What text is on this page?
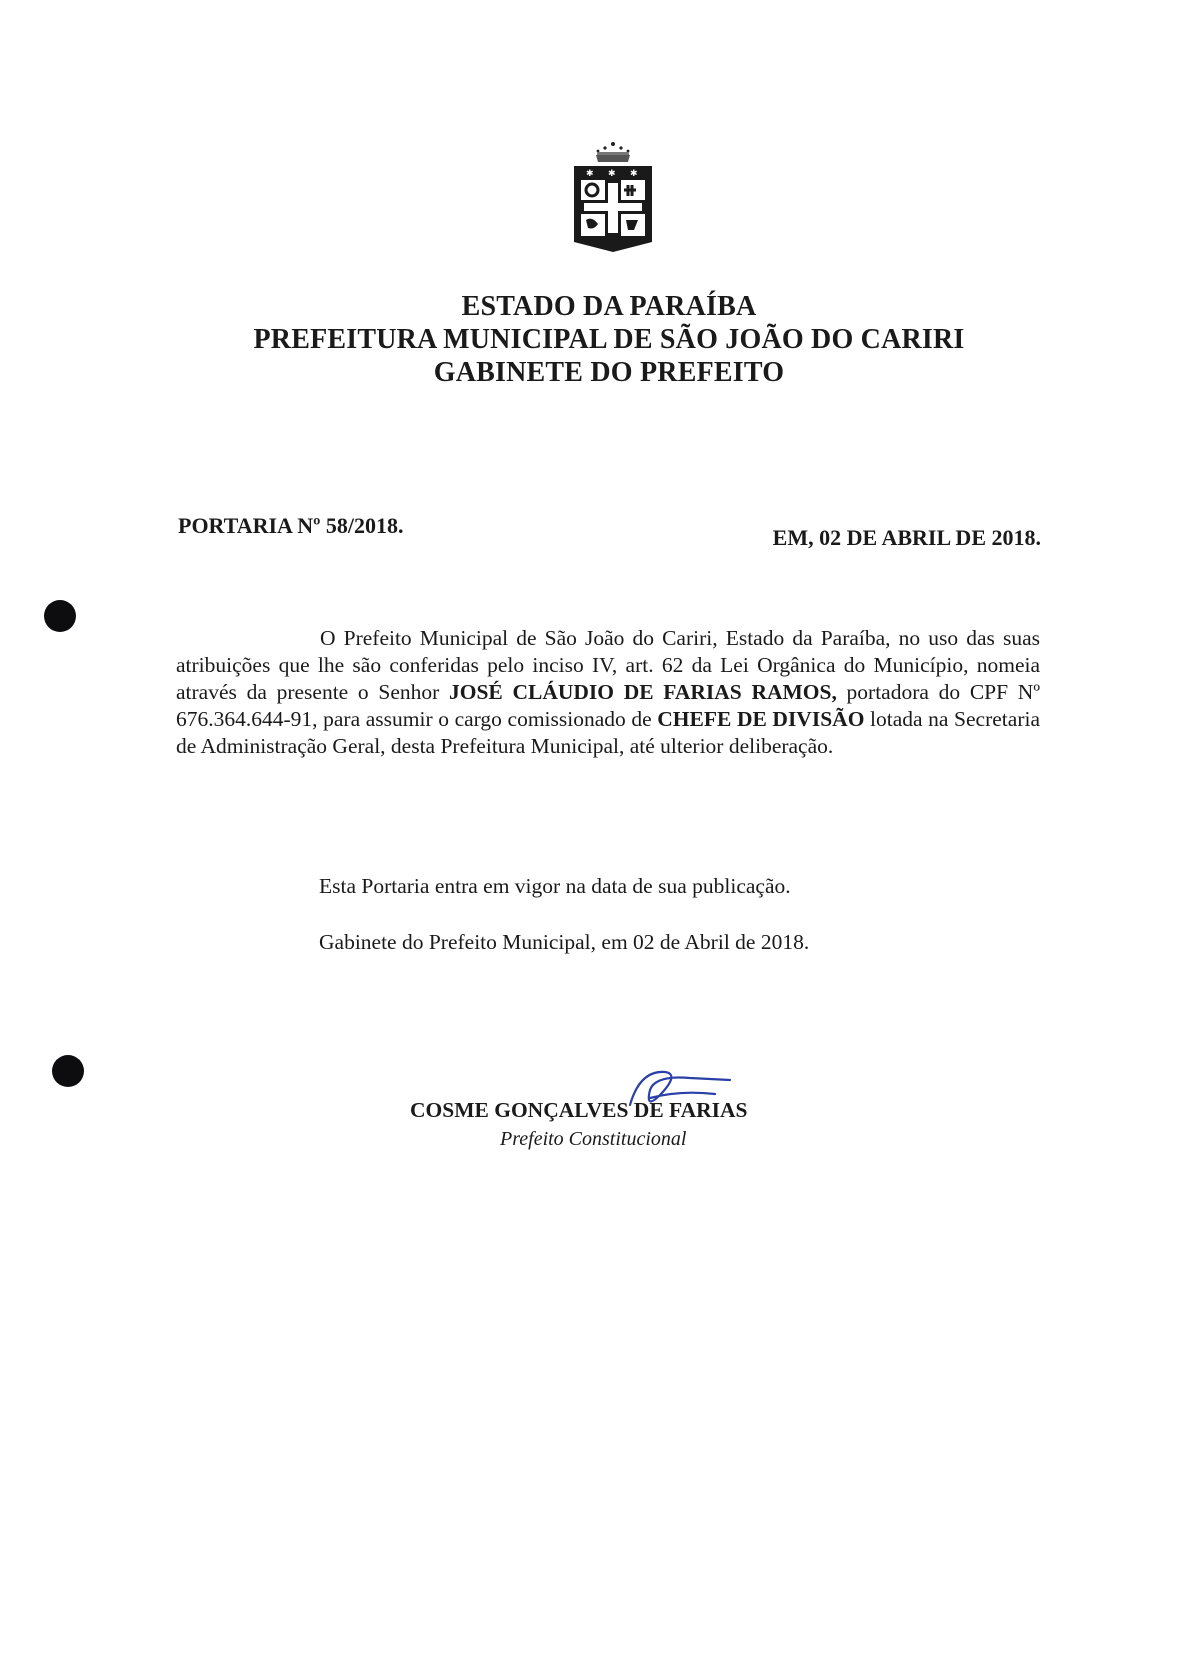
✱ ✱ ✱
ESTADO DA PARAÍBA
PREFEITURA MUNICIPAL DE SÃO JOÃO DO CARIRI
GABINETE DO PREFEITO
PORTARIA Nº 58/2018.	EM, 02 DE ABRIL DE 2018.
O Prefeito Municipal de São João do Cariri, Estado da Paraíba, no uso das suas atribuições que lhe são conferidas pelo inciso IV, art. 62 da Lei Orgânica do Município, nomeia através da presente o Senhor JOSÉ CLÁUDIO DE FARIAS RAMOS, portadora do CPF Nº 676.364.644-91, para assumir o cargo comissionado de CHEFE DE DIVISÃO lotada na Secretaria de Administração Geral, desta Prefeitura Municipal, até ulterior deliberação.
Esta Portaria entra em vigor na data de sua publicação.
Gabinete do Prefeito Municipal, em 02 de Abril de 2018.
COSME GONÇALVES DE FARIAS
Prefeito Constitucional
